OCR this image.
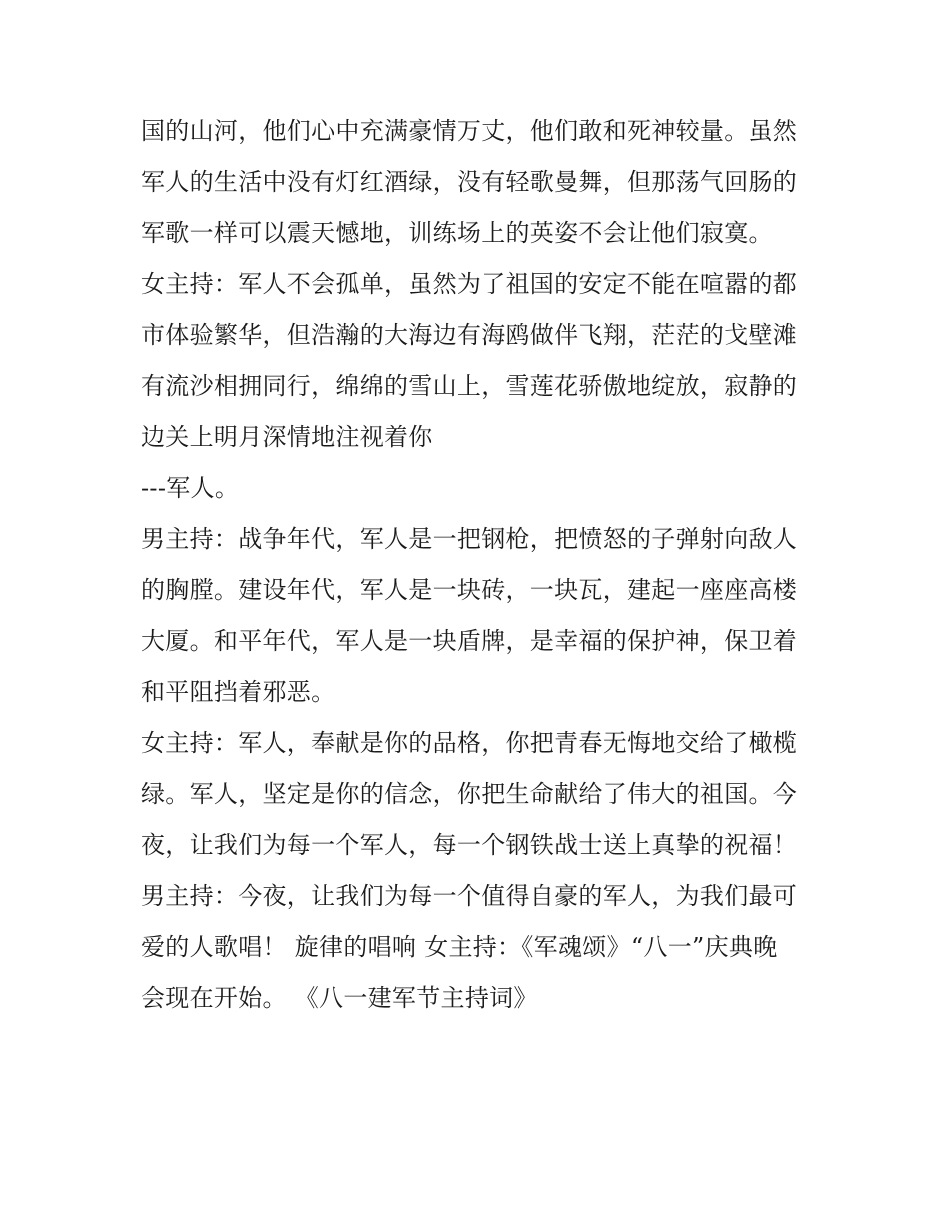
国的山河，他们心中充满豪情万丈，他们敢和死神较量。虽然
军人的生活中没有灯红酒绿，没有轻歌曼舞，但那荡气回肠的
军歌一样可以震天憾地，训练场上的英姿不会让他们寂寞。
女主持：军人不会孤单，虽然为了祖国的安定不能在喧嚣的都
市体验繁华，但浩瀚的大海边有海鸥做伴飞翔，茫茫的戈壁滩
有流沙相拥同行，绵绵的雪山上，雪莲花骄傲地绽放，寂静的
边关上明月深情地注视着你
---军人。
男主持：战争年代，军人是一把钢枪，把愤怒的子弹射向敌人
的胸膛。建设年代，军人是一块砖，一块瓦，建起一座座高楼
大厦。和平年代，军人是一块盾牌，是幸福的保护神，保卫着
和平阻挡着邪恶。
女主持：军人，奉献是你的品格，你把青春无悔地交给了橄榄
绿。军人，坚定是你的信念，你把生命献给了伟大的祖国。今
夜，让我们为每一个军人，每一个钢铁战士送上真挚的祝福！
男主持：今夜，让我们为每一个值得自豪的军人，为我们最可
爱的人歌唱！ 旋律的唱响 女主持：《军魂颂》“八一”庆典晚
会现在开始。 《八一建军节主持词》
